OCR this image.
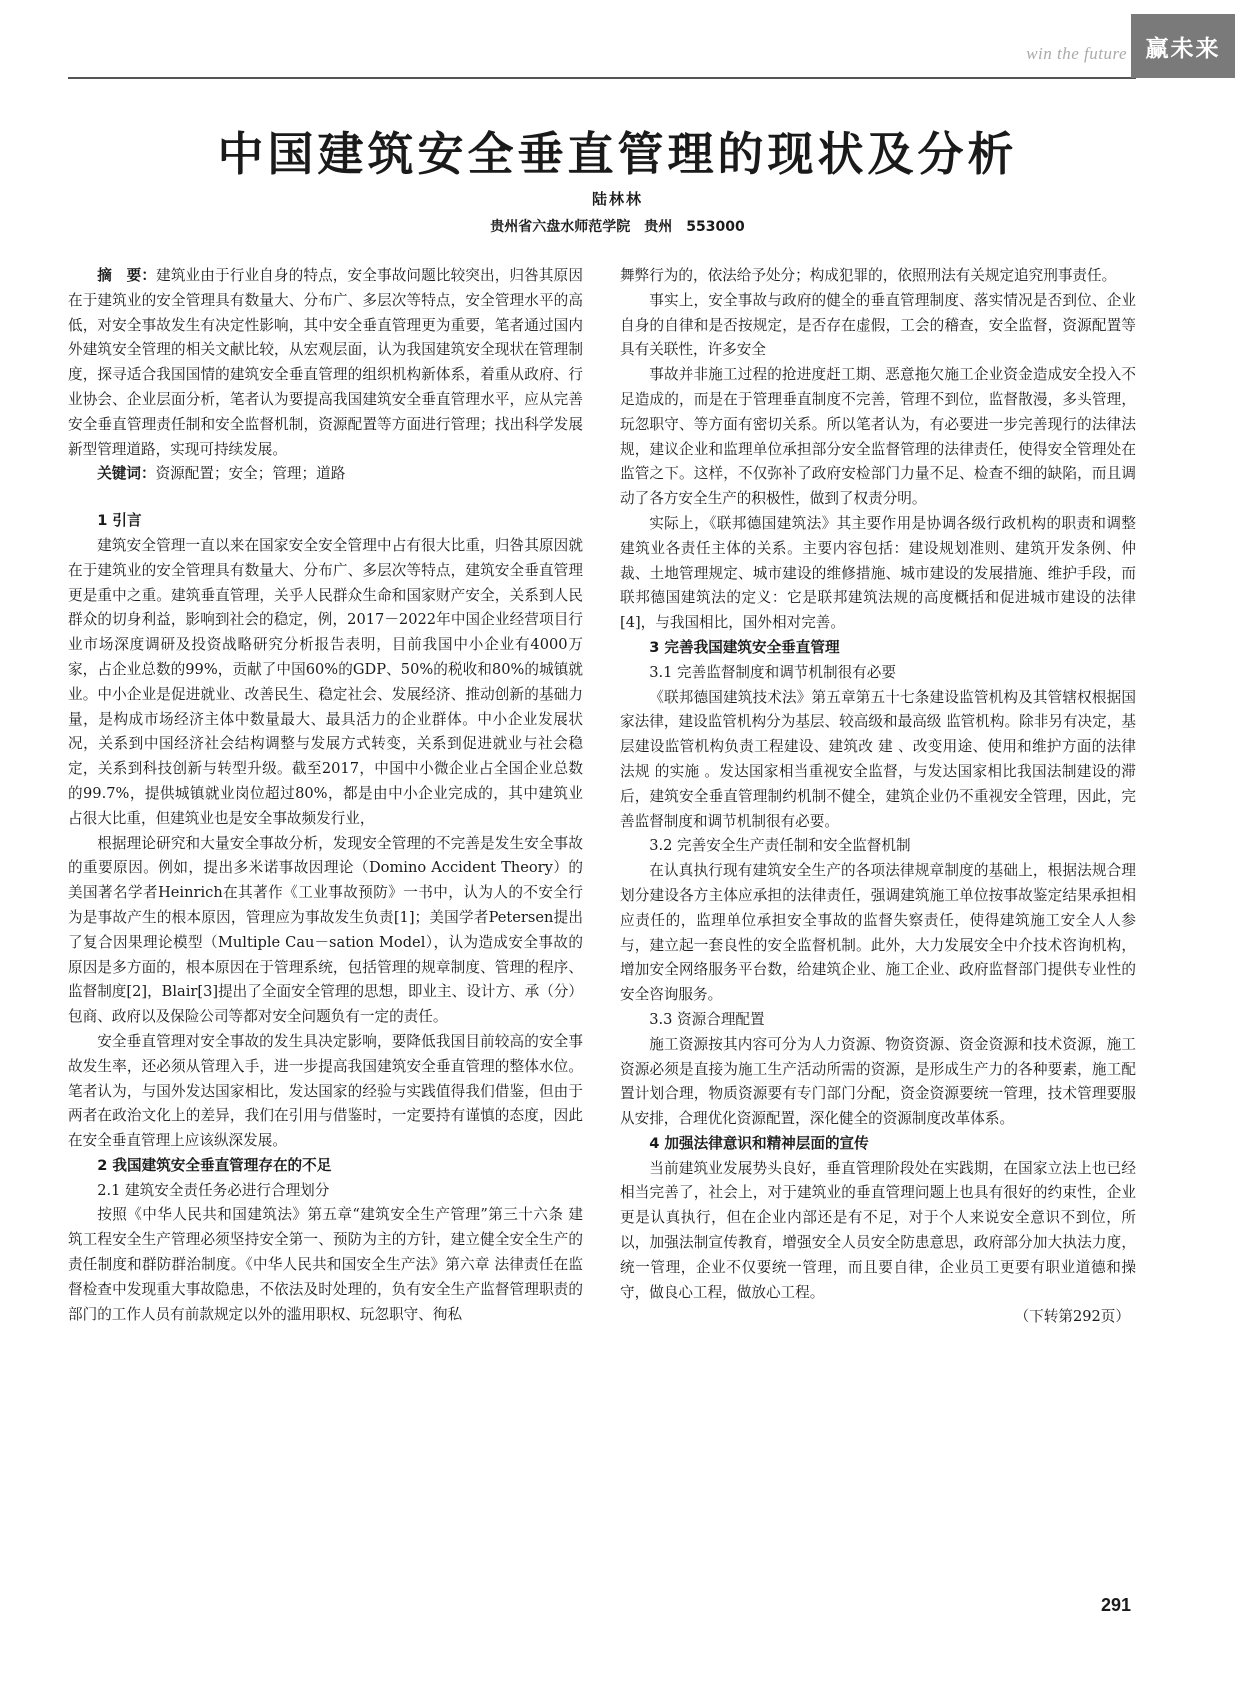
win the future 赢未来
中国建筑安全垂直管理的现状及分析
陆林林
贵州省六盘水师范学院　贵州　553000

摘　要：建筑业由于行业自身的特点，安全事故问题比较突出，归咎其原因在于建筑业的安全管理具有数量大、分布广、多层次等特点，安全管理水平的高低，对安全事故发生有决定性影响，其中安全垂直管理更为重要，笔者通过国内外建筑安全管理的相关文献比较，从宏观层面，认为我国建筑安全现状在管理制度，探寻适合我国国情的建筑安全垂直管理的组织机构新体系，着重从政府、行业协会、企业层面分析，笔者认为要提高我国建筑安全垂直管理水平，应从完善安全垂直管理责任制和安全监督机制，资源配置等方面进行管理；找出科学发展新型管理道路，实现可持续发展。

关键词：资源配置；安全；管理；道路

1 引言

建筑安全管理一直以来在国家安全安全管理中占有很大比重，归咎其原因就在于建筑业的安全管理具有数量大、分布广、多层次等特点，建筑安全垂直管理更是重中之重。建筑垂直管理，关乎人民群众生命和国家财产安全，关系到人民群众的切身利益，影响到社会的稳定，例，2017－2022年中国企业经营项目行业市场深度调研及投资战略研究分析报告表明，目前我国中小企业有4000万家，占企业总数的99%，贡献了中国60%的GDP、50%的税收和80%的城镇就业。中小企业是促进就业、改善民生、稳定社会、发展经济、推动创新的基础力量，是构成市场经济主体中数量最大、最具活力的企业群体。中小企业发展状况，关系到中国经济社会结构调整与发展方式转变，关系到促进就业与社会稳定，关系到科技创新与转型升级。截至2017，中国中小微企业占全国企业总数的99.7%，提供城镇就业岗位超过80%，都是由中小企业完成的，其中建筑业占很大比重，但建筑业也是安全事故频发行业，

根据理论研究和大量安全事故分析，发现安全管理的不完善是发生安全事故的重要原因。例如，提出多米诺事故因理论（Domino Accident Theory）的美国著名学者Heinrich在其著作《工业事故预防》一书中，认为人的不安全行为是事故产生的根本原因，管理应为事故发生负责[1]；美国学者Petersen提出了复合因果理论模型（Multiple Cau－sation Model），认为造成安全事故的原因是多方面的，根本原因在于管理系统，包括管理的规章制度、管理的程序、监督制度[2]，Blair[3]提出了全面安全管理的思想，即业主、设计方、承（分）包商、政府以及保险公司等都对安全问题负有一定的责任。

安全垂直管理对安全事故的发生具决定影响，要降低我国目前较高的安全事故发生率，还必须从管理入手，进一步提高我国建筑安全垂直管理的整体水位。笔者认为，与国外发达国家相比，发达国家的经验与实践值得我们借鉴，但由于两者在政治文化上的差异，我们在引用与借鉴时，一定要持有谨慎的态度，因此在安全垂直管理上应该纵深发展。

2 我国建筑安全垂直管理存在的不足
2.1 建筑安全责任务必进行合理划分

按照《中华人民共和国建筑法》第五章“建筑安全生产管理”第三十六条 建筑工程安全生产管理必须坚持安全第一、预防为主的方针，建立健全安全生产的责任制度和群防群治制度。《中华人民共和国安全生产法》第六章 法律责任在监督检查中发现重大事故隐患，不依法及时处理的，负有安全生产监督管理职责的部门的工作人员有前款规定以外的滥用职权、玩忽职守、徇私

舞弊行为的，依法给予处分；构成犯罪的，依照刑法有关规定追究刑事责任。

事实上，安全事故与政府的健全的垂直管理制度、落实情况是否到位、企业自身的自律和是否按规定，是否存在虚假，工会的稽查，安全监督，资源配置等具有关联性，许多安全

事故并非施工过程的抢进度赶工期、恶意拖欠施工企业资金造成安全投入不足造成的，而是在于管理垂直制度不完善，管理不到位，监督散漫，多头管理，玩忽职守、等方面有密切关系。所以笔者认为，有必要进一步完善现行的法律法规，建议企业和监理单位承担部分安全监督管理的法律责任，使得安全管理处在监管之下。这样，不仅弥补了政府安检部门力量不足、检查不细的缺陷，而且调动了各方安全生产的积极性，做到了权责分明。

实际上，《联邦德国建筑法》其主要作用是协调各级行政机构的职责和调整建筑业各责任主体的关系。主要内容包括：建设规划准则、建筑开发条例、仲裁、土地管理规定、城市建设的维修措施、城市建设的发展措施、维护手段，而联邦德国建筑法的定义：它是联邦建筑法规的高度概括和促进城市建设的法律[4]，与我国相比，国外相对完善。

3 完善我国建筑安全垂直管理
3.1 完善监督制度和调节机制很有必要

《联邦德国建筑技术法》第五章第五十七条建设监管机构及其管辖权根据国家法律，建设监管机构分为基层、较高级和最高级 监管机构。除非另有决定，基层建设监管机构负责工程建设、建筑改 建 、改变用途、使用和维护方面的法律 法规 的实施 。发达国家相当重视安全监督，与发达国家相比我国法制建设的滞后，建筑安全垂直管理制约机制不健全，建筑企业仍不重视安全管理，因此，完善监督制度和调节机制很有必要。

3.2 完善安全生产责任制和安全监督机制

在认真执行现有建筑安全生产的各项法律规章制度的基础上，根据法规合理划分建设各方主体应承担的法律责任，强调建筑施工单位按事故鉴定结果承担相应责任的，监理单位承担安全事故的监督失察责任，使得建筑施工安全人人参与，建立起一套良性的安全监督机制。此外，大力发展安全中介技术咨询机构，增加安全网络服务平台数，给建筑企业、施工企业、政府监督部门提供专业性的安全咨询服务。

3.3 资源合理配置

施工资源按其内容可分为人力资源、物资资源、资金资源和技术资源，施工资源必须是直接为施工生产活动所需的资源，是形成生产力的各种要素，施工配置计划合理，物质资源要有专门部门分配，资金资源要统一管理，技术管理要服从安排，合理优化资源配置，深化健全的资源制度改革体系。

4 加强法律意识和精神层面的宣传

当前建筑业发展势头良好，垂直管理阶段处在实践期，在国家立法上也已经相当完善了，社会上，对于建筑业的垂直管理问题上也具有很好的约束性，企业更是认真执行，但在企业内部还是有不足，对于个人来说安全意识不到位，所以，加强法制宣传教育，增强安全人员安全防患意思，政府部分加大执法力度，统一管理，企业不仅要统一管理，而且要自律，企业员工更要有职业道德和操守，做良心工程，做放心工程。

（下转第292页）

291
